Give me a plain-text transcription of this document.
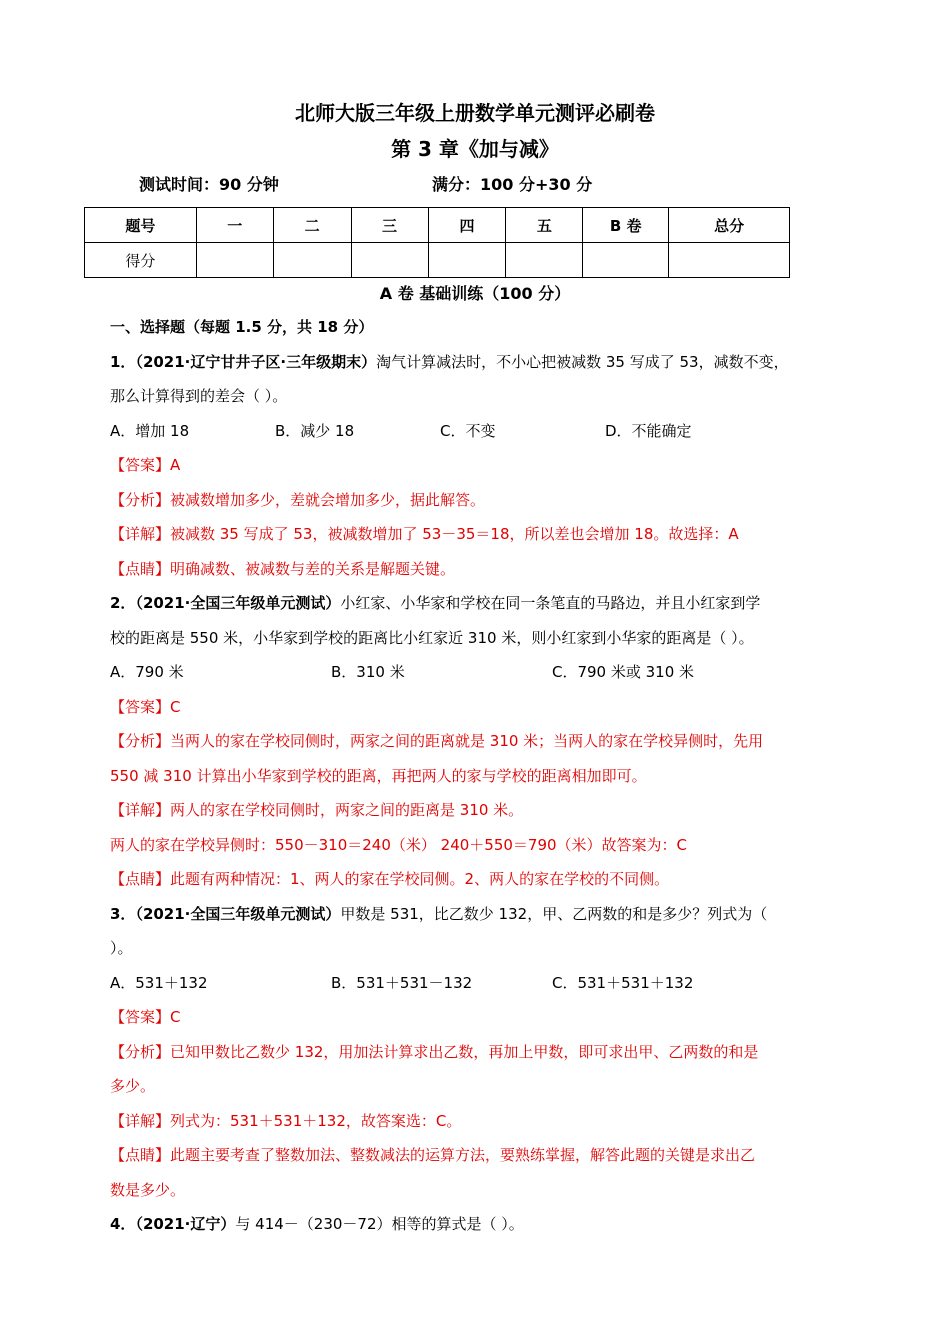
北师大版三年级上册数学单元测评必刷卷
第 3 章《加与减》
测试时间：90 分钟	满分：100 分+30 分
题号	一	二	三	四	五	B 卷	总分
得分							
A 卷 基础训练（100 分）
一、选择题（每题 1.5 分，共 18 分）
1．（2021·辽宁甘井子区·三年级期末）淘气计算减法时，不小心把被减数 35 写成了 53，减数不变，
那么计算得到的差会（ ）。
A．增加 18	B．减少 18	C．不变	D．不能确定
【答案】A
【分析】被减数增加多少，差就会增加多少，据此解答。
【详解】被减数 35 写成了 53，被减数增加了 53－35＝18，所以差也会增加 18。故选择：A
【点睛】明确减数、被减数与差的关系是解题关键。
2．（2021·全国三年级单元测试）小红家、小华家和学校在同一条笔直的马路边，并且小红家到学
校的距离是 550 米，小华家到学校的距离比小红家近 310 米，则小红家到小华家的距离是（ ）。
A．790 米	B．310 米	C．790 米或 310 米
【答案】C
【分析】当两人的家在学校同侧时，两家之间的距离就是 310 米；当两人的家在学校异侧时，先用
550 减 310 计算出小华家到学校的距离，再把两人的家与学校的距离相加即可。
【详解】两人的家在学校同侧时，两家之间的距离是 310 米。
两人的家在学校异侧时：550－310＝240（米） 240＋550＝790（米）故答案为：C
【点睛】此题有两种情况：1、两人的家在学校同侧。2、两人的家在学校的不同侧。
3．（2021·全国三年级单元测试）甲数是 531，比乙数少 132，甲、乙两数的和是多少？列式为（
）。
A．531＋132	B．531＋531－132	C．531＋531＋132
【答案】C
【分析】已知甲数比乙数少 132，用加法计算求出乙数，再加上甲数，即可求出甲、乙两数的和是
多少。
【详解】列式为：531＋531＋132，故答案选：C。
【点睛】此题主要考查了整数加法、整数减法的运算方法，要熟练掌握，解答此题的关键是求出乙
数是多少。
4．（2021·辽宁）与 414－（230－72）相等的算式是（ ）。
